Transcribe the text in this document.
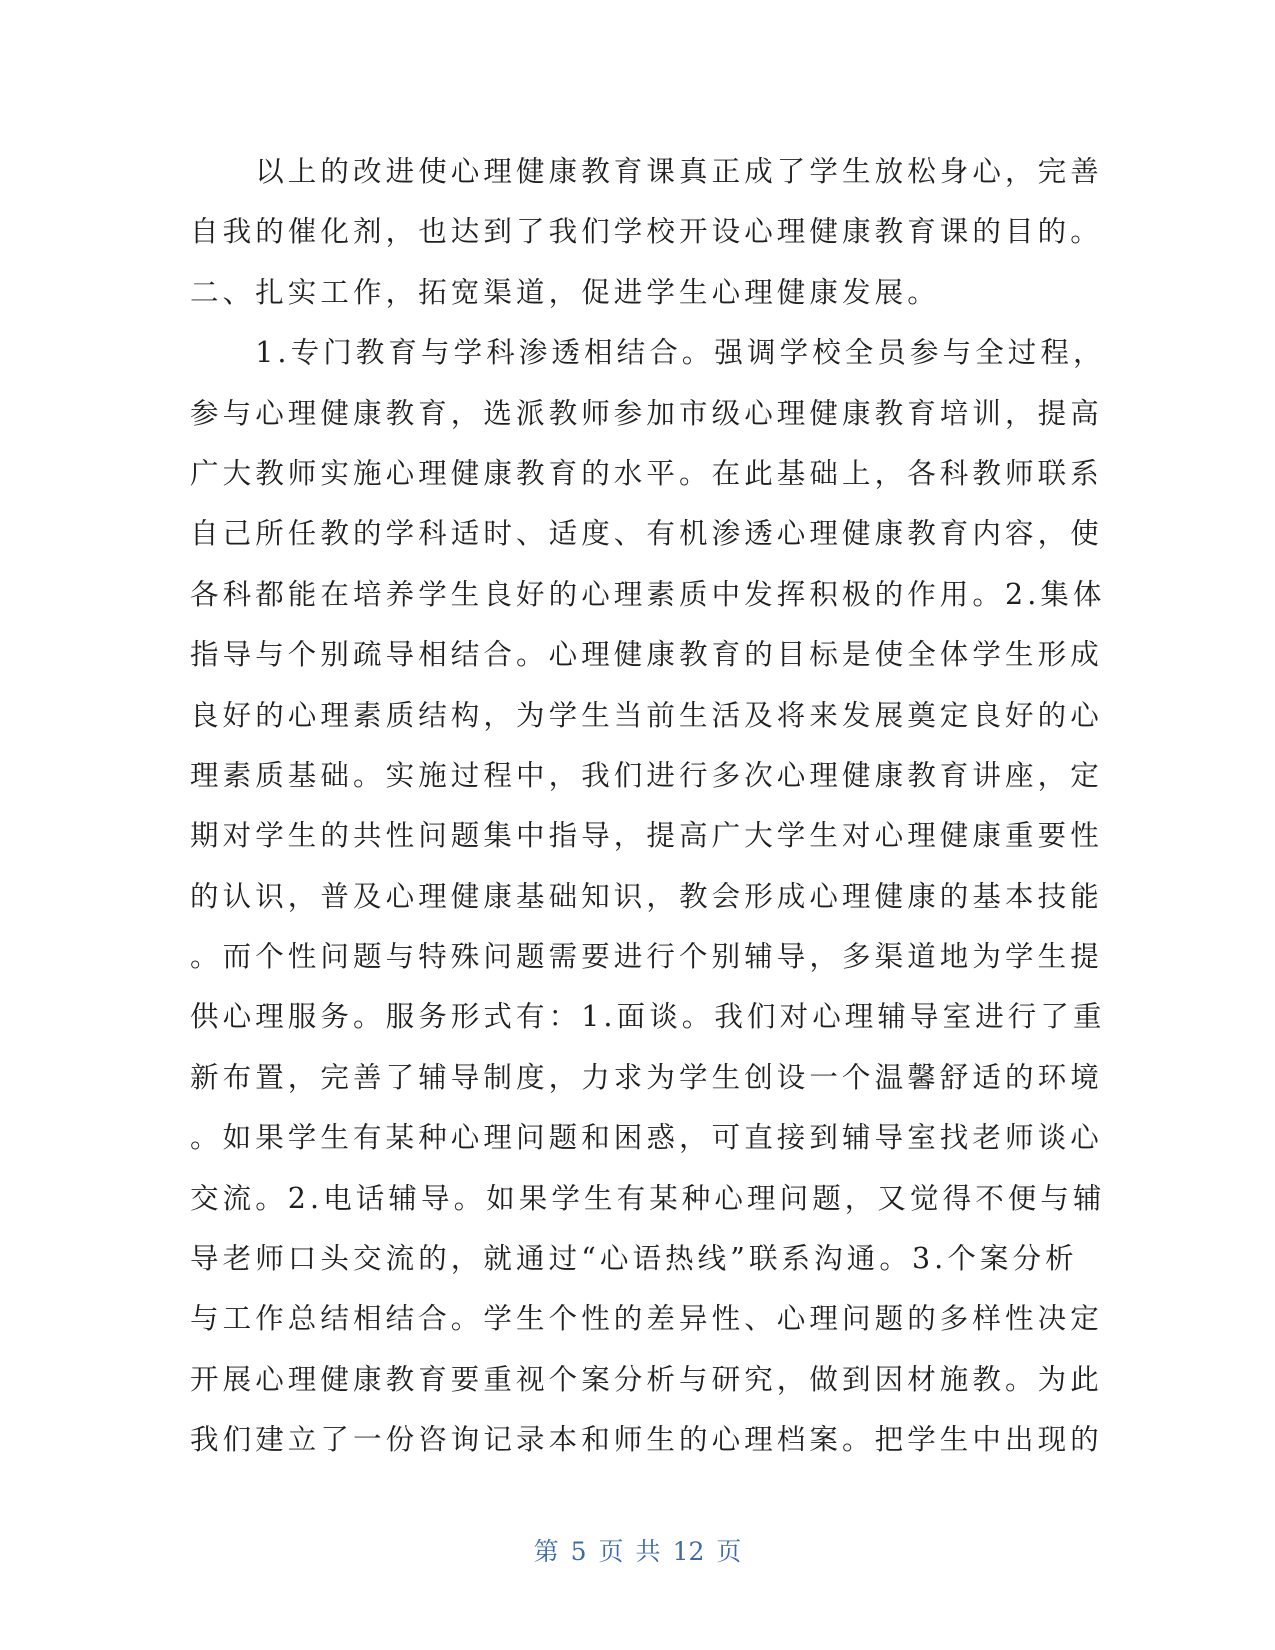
　　以上的改进使心理健康教育课真正成了学生放松身心，完善
自我的催化剂，也达到了我们学校开设心理健康教育课的目的。
二、扎实工作，拓宽渠道，促进学生心理健康发展。
　　1.专门教育与学科渗透相结合。强调学校全员参与全过程，
参与心理健康教育，选派教师参加市级心理健康教育培训，提高
广大教师实施心理健康教育的水平。在此基础上，各科教师联系
自己所任教的学科适时、适度、有机渗透心理健康教育内容，使
各科都能在培养学生良好的心理素质中发挥积极的作用。2.集体
指导与个别疏导相结合。心理健康教育的目标是使全体学生形成
良好的心理素质结构，为学生当前生活及将来发展奠定良好的心
理素质基础。实施过程中，我们进行多次心理健康教育讲座，定
期对学生的共性问题集中指导，提高广大学生对心理健康重要性
的认识，普及心理健康基础知识，教会形成心理健康的基本技能
。而个性问题与特殊问题需要进行个别辅导，多渠道地为学生提
供心理服务。服务形式有：1.面谈。我们对心理辅导室进行了重
新布置，完善了辅导制度，力求为学生创设一个温馨舒适的环境
。如果学生有某种心理问题和困惑，可直接到辅导室找老师谈心
交流。2.电话辅导。如果学生有某种心理问题，又觉得不便与辅
导老师口头交流的，就通过“心语热线”联系沟通。3.个案分析
与工作总结相结合。学生个性的差异性、心理问题的多样性决定
开展心理健康教育要重视个案分析与研究，做到因材施教。为此
我们建立了一份咨询记录本和师生的心理档案。把学生中出现的
第 5 页 共 12 页
